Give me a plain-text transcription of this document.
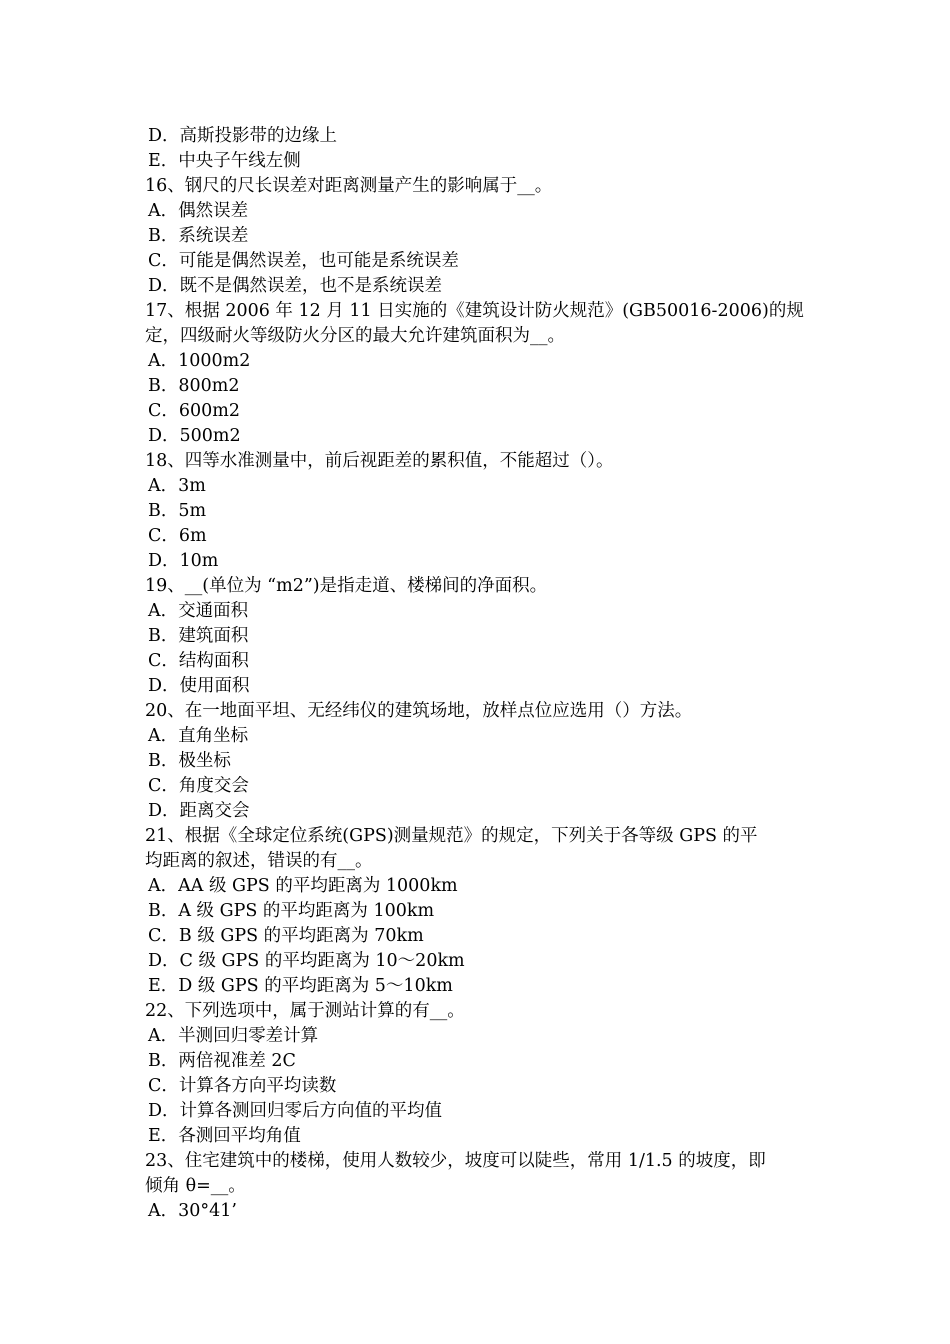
D．高斯投影带的边缘上
E．中央子午线左侧
16、钢尺的尺长误差对距离测量产生的影响属于__。
A．偶然误差
B．系统误差
C．可能是偶然误差，也可能是系统误差
D．既不是偶然误差，也不是系统误差
17、根据 2006 年 12 月 11 日实施的《建筑设计防火规范》(GB50016-2006)的规
定，四级耐火等级防火分区的最大允许建筑面积为__。
A．1000m2
B．800m2
C．600m2
D．500m2
18、四等水准测量中，前后视距差的累积值，不能超过（）。
A．3m
B．5m
C．6m
D．10m
19、__(单位为 “m2”)是指走道、楼梯间的净面积。
A．交通面积
B．建筑面积
C．结构面积
D．使用面积
20、在一地面平坦、无经纬仪的建筑场地，放样点位应选用（）方法。
A．直角坐标
B．极坐标
C．角度交会
D．距离交会
21、根据《全球定位系统(GPS)测量规范》的规定，下列关于各等级 GPS 的平
均距离的叙述，错误的有__。
A．AA 级 GPS 的平均距离为 1000km
B．A 级 GPS 的平均距离为 100km
C．B 级 GPS 的平均距离为 70km
D．C 级 GPS 的平均距离为 10～20km
E．D 级 GPS 的平均距离为 5～10km
22、下列选项中，属于测站计算的有__。
A．半测回归零差计算
B．两倍视准差 2C
C．计算各方向平均读数
D．计算各测回归零后方向值的平均值
E．各测回平均角值
23、住宅建筑中的楼梯，使用人数较少，坡度可以陡些，常用 1/1.5 的坡度，即
倾角 θ=__。
A．30°41’
